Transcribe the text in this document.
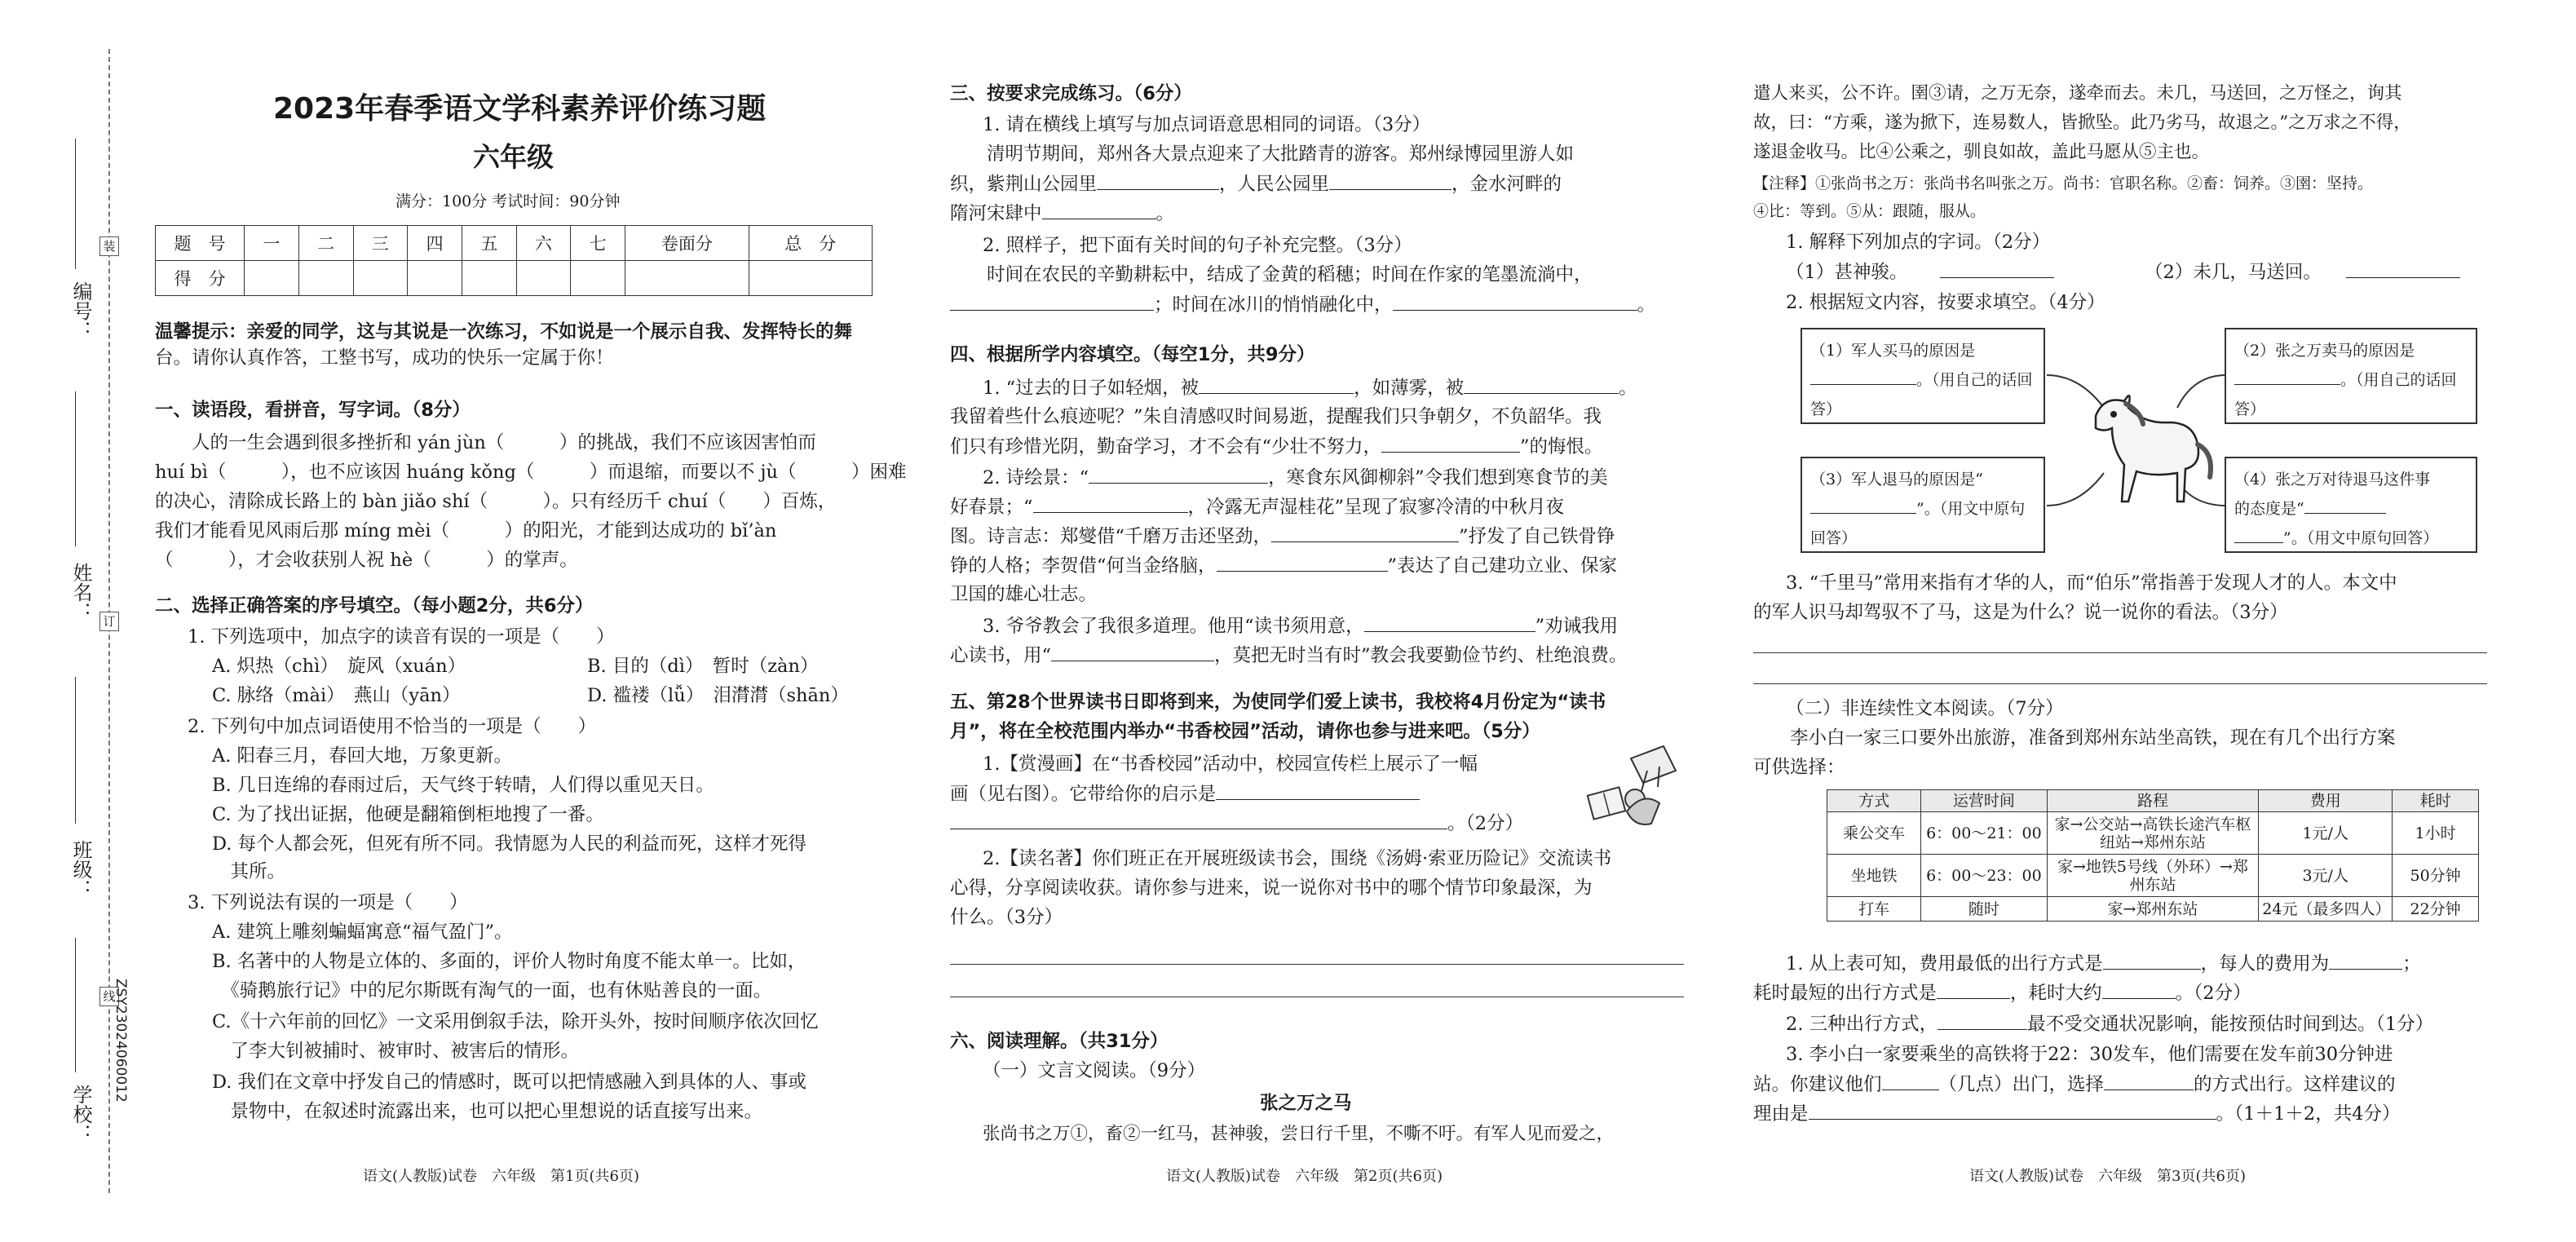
装
订
线
编号：
姓名：
班级：
学校：
ZSY23024060012
2023年春季语文学科素养评价练习题
六年级
满分：100分 考试时间：90分钟
题　号	一	二	三	四	五	六	七	卷面分	总　分
得　分									
温馨提示：亲爱的同学，这与其说是一次练习，不如说是一个展示自我、发挥特长的舞
台。请你认真作答，工整书写，成功的快乐一定属于你！
一、读语段，看拼音，写字词。（8分）
　　人的一生会遇到很多挫折和 yán jùn（　　　）的挑战，我们不应该因害怕而
huí bì（　　　），也不应该因 huáng kǒng（　　　）而退缩，而要以不 jù（　　　）困难
的决心，清除成长路上的 bàn jiǎo shí（　　　）。只有经历千 chuí（　　）百炼，
我们才能看见风雨后那 míng mèi（　　　）的阳光，才能到达成功的 bǐ’àn
（　　　），才会收获别人祝 hè（　　　）的掌声。
二、选择正确答案的序号填空。（每小题2分，共6分）
1. 下列选项中，加点字的读音有误的一项是（　　）
A. 炽热（chì）　旋风（xuán）	B. 目的（dì）　暂时（zàn）
C. 脉络（mài）　燕山（yān）	D. 褴褛（lǚ）　泪潸潸（shān）
2. 下列句中加点词语使用不恰当的一项是（　　）
A. 阳春三月，春回大地，万象更新。
B. 几日连绵的春雨过后，天气终于转晴，人们得以重见天日。
C. 为了找出证据，他硬是翻箱倒柜地搜了一番。
D. 每个人都会死，但死有所不同。我情愿为人民的利益而死，这样才死得
　其所。
3. 下列说法有误的一项是（　　）
A. 建筑上雕刻蝙蝠寓意“福气盈门”。
B. 名著中的人物是立体的、多面的，评价人物时角度不能太单一。比如，
　《骑鹅旅行记》中的尼尔斯既有淘气的一面，也有休贴善良的一面。
C.《十六年前的回忆》一文采用倒叙手法，除开头外，按时间顺序依次回忆
　了李大钊被捕时、被审时、被害后的情形。
D. 我们在文章中抒发自己的情感时，既可以把情感融入到具体的人、事或
　景物中，在叙述时流露出来，也可以把心里想说的话直接写出来。
语文(人教版)试卷　六年级　第1页(共6页)
三、按要求完成练习。（6分）
1. 请在横线上填写与加点词语意思相同的词语。（3分）
　　清明节期间，郑州各大景点迎来了大批踏青的游客。郑州绿博园里游人如
织，紫荆山公园里	，人民公园里	，金水河畔的
隋河宋肆中	。
2. 照样子，把下面有关时间的句子补充完整。（3分）
　　时间在农民的辛勤耕耘中，结成了金黄的稻穗；时间在作家的笔墨流淌中，
；时间在冰川的悄悄融化中，	。
四、根据所学内容填空。（每空1分，共9分）
1. “过去的日子如轻烟，被	，如薄雾，被	。
我留着些什么痕迹呢？”朱自清感叹时间易逝，提醒我们只争朝夕，不负韶华。我
们只有珍惜光阴，勤奋学习，才不会有“少壮不努力，	”的悔恨。
2. 诗绘景：“	，寒食东风御柳斜”令我们想到寒食节的美
好春景；“	，冷露无声湿桂花”呈现了寂寥冷清的中秋月夜
图。诗言志：郑燮借“千磨万击还坚劲，	”抒发了自己铁骨铮
铮的人格；李贺借“何当金络脑，	”表达了自己建功立业、保家
卫国的雄心壮志。
3. 爷爷教会了我很多道理。他用“读书须用意，	”劝诫我用
心读书，用“	，莫把无时当有时”教会我要勤俭节约、杜绝浪费。
五、第28个世界读书日即将到来，为使同学们爱上读书，我校将4月份定为“读书
月”，将在全校范围内举办“书香校园”活动，请你也参与进来吧。（5分）
1.【赏漫画】在“书香校园”活动中，校园宣传栏上展示了一幅
画（见右图）。它带给你的启示是
。（2分）
2.【读名著】你们班正在开展班级读书会，围绕《汤姆·索亚历险记》交流读书
心得，分享阅读收获。请你参与进来，说一说你对书中的哪个情节印象最深，为
什么。（3分）
六、阅读理解。（共31分）
（一）文言文阅读。（9分）
张之万之马
张尚书之万①，畜②一红马，甚神骏，尝日行千里，不嘶不吁。有军人见而爱之，
语文(人教版)试卷　六年级　第2页(共6页)
遣人来买，公不许。圉③请，之万无奈，遂牵而去。未几，马送回，之万怪之，询其
故，曰：“方乘，遂为掀下，连易数人，皆掀坠。此乃劣马，故退之。”之万求之不得，
遂退金收马。比④公乘之，驯良如故，盖此马愿从⑤主也。
【注释】①张尚书之万：张尚书名叫张之万。尚书：官职名称。②畜：饲养。③圉：坚持。
④比：等到。⑤从：跟随，服从。
1. 解释下列加点的字词。（2分）
（1）甚神骏。	（2）未几，马送回。
2. 根据短文内容，按要求填空。（4分）
（1）军人买马的原因是
。（用自己的话回答）
（2）张之万卖马的原因是
。（用自己的话回答）
（3）军人退马的原因是“
”。（用文中原句回答）
（4）张之万对待退马这件事
的态度是“
”。（用文中原句回答）
3. “千里马”常用来指有才华的人，而“伯乐”常指善于发现人才的人。本文中
的军人识马却驾驭不了马，这是为什么？说一说你的看法。（3分）
（二）非连续性文本阅读。（7分）
　　李小白一家三口要外出旅游，准备到郑州东站坐高铁，现在有几个出行方案
可供选择：
方式	运营时间	路程	费用	耗时
乘公交车	6：00～21：00	家→公交站→高铁长途汽车枢纽站→郑州东站	1元/人	1小时
坐地铁	6：00～23：00	家→地铁5号线（外环）→郑州东站	3元/人	50分钟
打车	随时	家→郑州东站	24元（最多四人）	22分钟
1. 从上表可知，费用最低的出行方式是	，每人的费用为	；
耗时最短的出行方式是	，耗时大约	。（2分）
2. 三种出行方式，	最不受交通状况影响，能按预估时间到达。（1分）
3. 李小白一家要乘坐的高铁将于22：30发车，他们需要在发车前30分钟进
站。你建议他们	（几点）出门，选择	的方式出行。这样建议的
理由是	。（1＋1＋2，共4分）
语文(人教版)试卷　六年级　第3页(共6页)
